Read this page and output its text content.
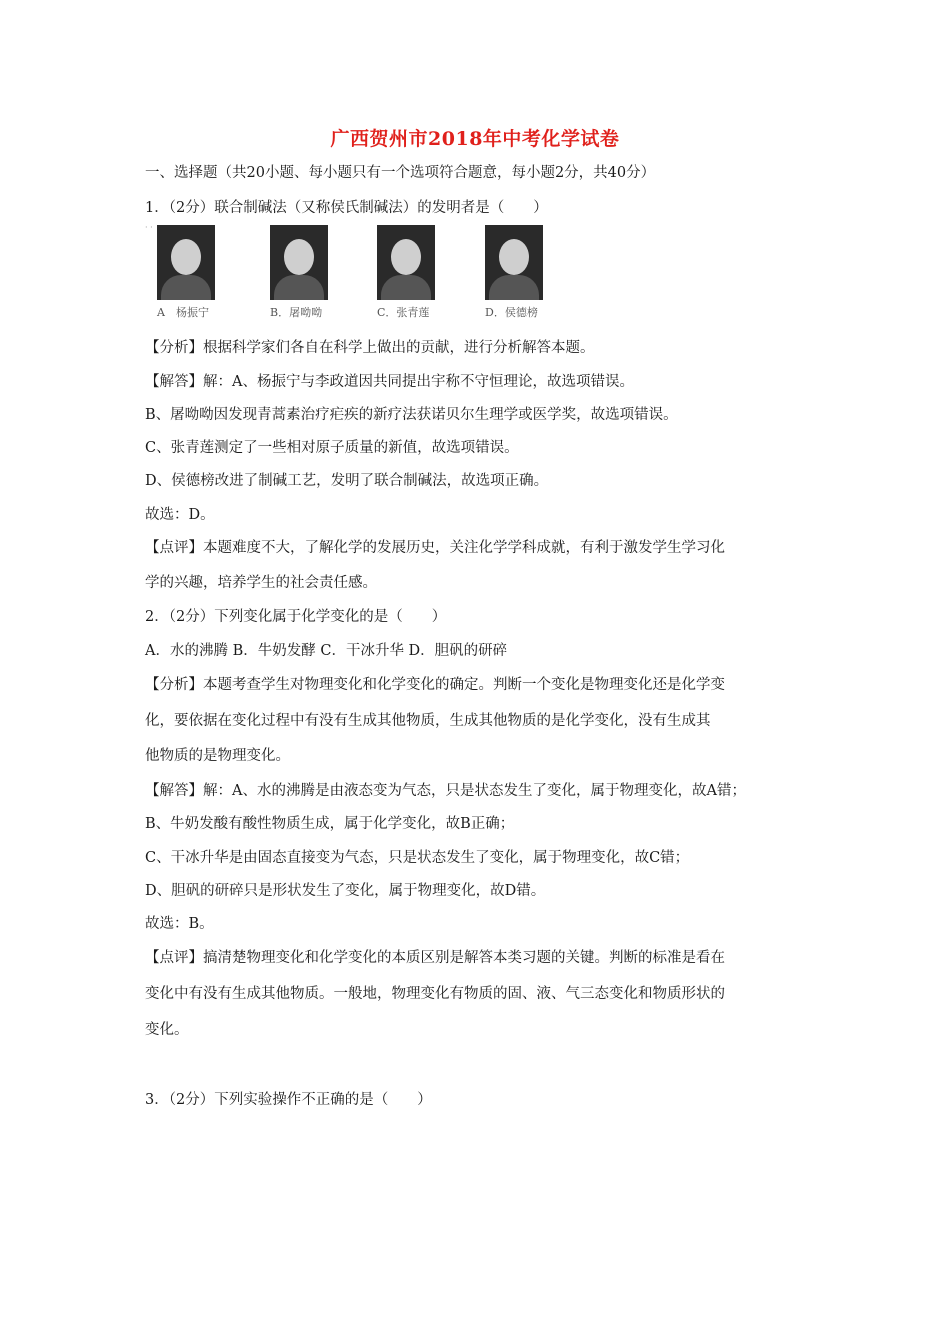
广西贺州市2018年中考化学试卷
一、选择题（共20小题、每小题只有一个选项符合题意，每小题2分，共40分）
1．（2分）联合制碱法（又称侯氏制碱法）的发明者是（　　）
· ·
A　杨振宁	B．屠呦呦	C．张青莲	D．侯德榜
【分析】根据科学家们各自在科学上做出的贡献，进行分析解答本题。
【解答】解：A、杨振宁与李政道因共同提出宇称不守恒理论，故选项错误。
B、屠呦呦因发现青蒿素治疗疟疾的新疗法获诺贝尔生理学或医学奖，故选项错误。
C、张青莲测定了一些相对原子质量的新值，故选项错误。
D、侯德榜改进了制碱工艺，发明了联合制碱法，故选项正确。
故选：D。
【点评】本题难度不大，了解化学的发展历史，关注化学学科成就，有利于激发学生学习化
学的兴趣，培养学生的社会责任感。
2．（2分）下列变化属于化学变化的是（　　）
A．水的沸腾 B．牛奶发酵 C．干冰升华 D．胆矾的研碎
【分析】本题考查学生对物理变化和化学变化的确定。判断一个变化是物理变化还是化学变
化，要依据在变化过程中有没有生成其他物质，生成其他物质的是化学变化，没有生成其
他物质的是物理变化。
【解答】解：A、水的沸腾是由液态变为气态，只是状态发生了变化，属于物理变化，故A错；
B、牛奶发酸有酸性物质生成，属于化学变化，故B正确；
C、干冰升华是由固态直接变为气态，只是状态发生了变化，属于物理变化，故C错；
D、胆矾的研碎只是形状发生了变化，属于物理变化，故D错。
故选：B。
【点评】搞清楚物理变化和化学变化的本质区别是解答本类习题的关键。判断的标准是看在
变化中有没有生成其他物质。一般地，物理变化有物质的固、液、气三态变化和物质形状的
变化。
3．（2分）下列实验操作不正确的是（　　）
